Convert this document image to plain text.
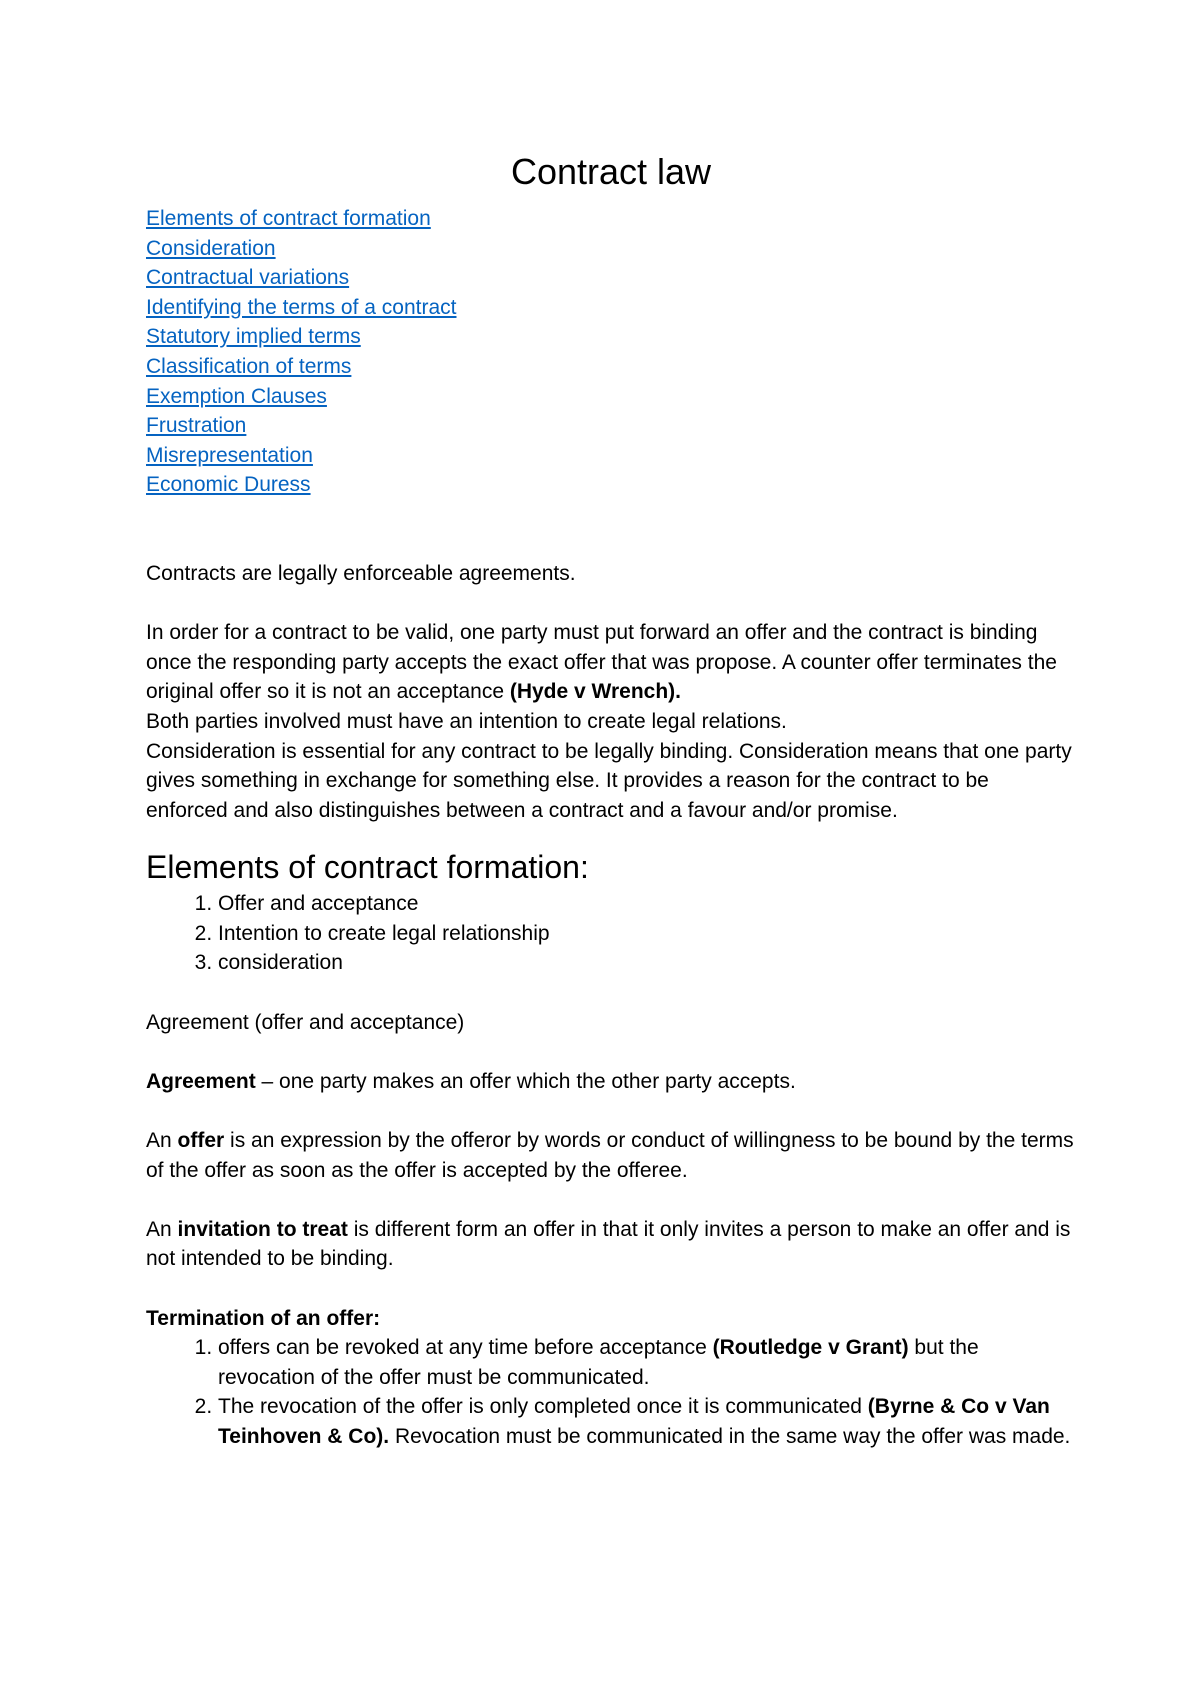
Contract law
Elements of contract formation
Consideration
Contractual variations
Identifying the terms of a contract
Statutory implied terms
Classification of terms
Exemption Clauses
Frustration
Misrepresentation
Economic Duress

Contracts are legally enforceable agreements.

In order for a contract to be valid, one party must put forward an offer and the contract is binding once the responding party accepts the exact offer that was propose. A counter offer terminates the original offer so it is not an acceptance (Hyde v Wrench).

Both parties involved must have an intention to create legal relations.

Consideration is essential for any contract to be legally binding. Consideration means that one party gives something in exchange for something else. It provides a reason for the contract to be enforced and also distinguishes between a contract and a favour and/or promise.

Elements of contract formation:
1. Offer and acceptance
2. Intention to create legal relationship
3. consideration

Agreement (offer and acceptance)

Agreement – one party makes an offer which the other party accepts.

An offer is an expression by the offeror by words or conduct of willingness to be bound by the terms of the offer as soon as the offer is accepted by the offeree.

An invitation to treat is different form an offer in that it only invites a person to make an offer and is not intended to be binding.

Termination of an offer:

1. offers can be revoked at any time before acceptance (Routledge v Grant) but the revocation of the offer must be communicated.
2. The revocation of the offer is only completed once it is communicated (Byrne & Co v Van Teinhoven & Co). Revocation must be communicated in the same way the offer was made.
